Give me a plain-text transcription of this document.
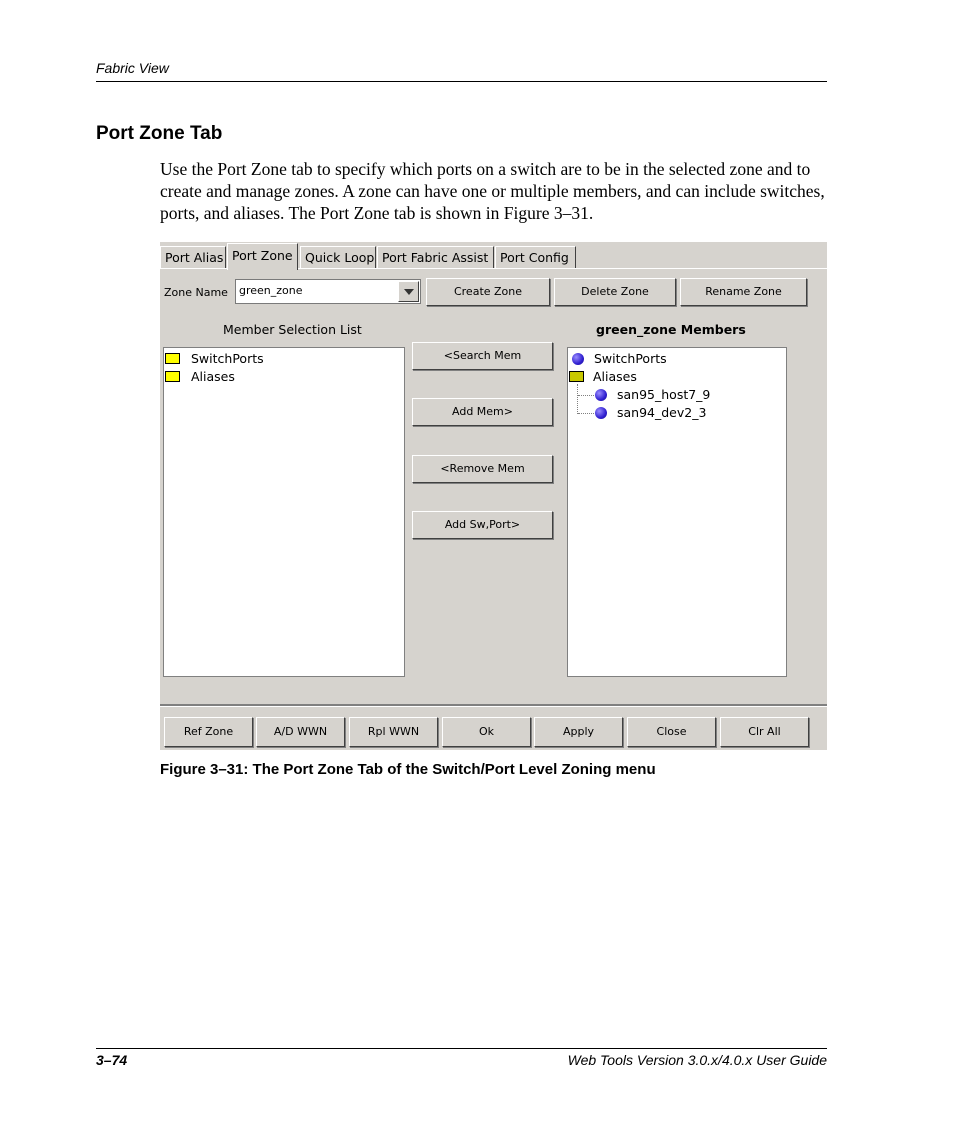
Fabric View
Port Zone Tab
Use the Port Zone tab to specify which ports on a switch are to be in the selected zone and to create and manage zones. A zone can have one or multiple members, and can include switches, ports, and aliases. The Port Zone tab is shown in Figure 3–31.
Port Alias Port Zone Quick Loop Port Fabric Assist Port Config
Zone Name green_zone	Create Zone	Delete Zone	Rename Zone
Member Selection List	green_zone Members
SwitchPorts
Aliases
<Search Mem
Add Mem>
<Remove Mem
Add Sw,Port>
SwitchPorts
Aliases
san95_host7_9
san94_dev2_3
Ref Zone	A/D WWN	Rpl WWN	Ok	Apply	Close	Clr All
Figure 3–31: The Port Zone Tab of the Switch/Port Level Zoning menu
3–74	Web Tools Version 3.0.x/4.0.x User Guide
